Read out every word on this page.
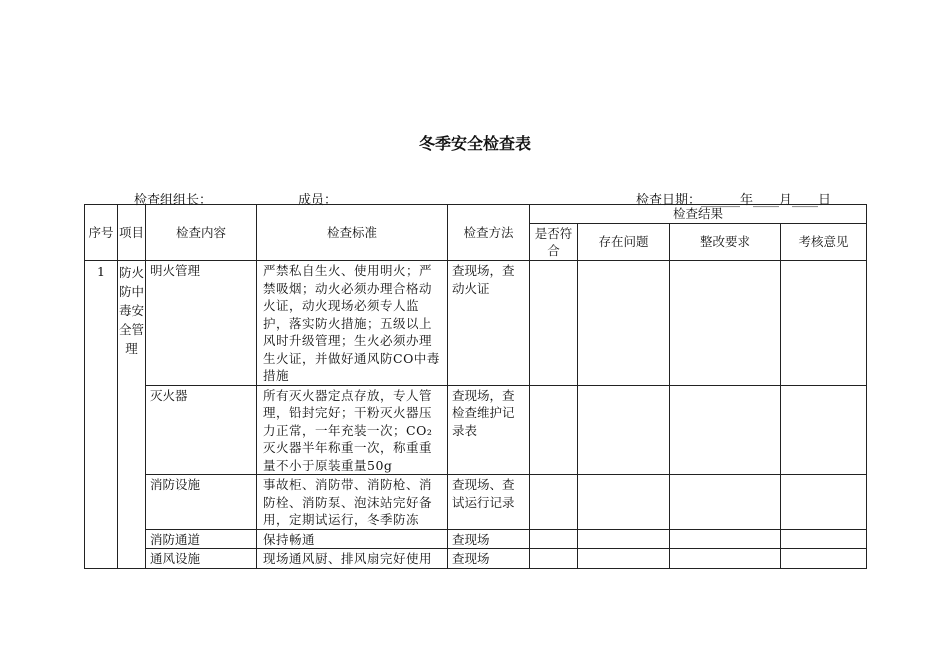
冬季安全检查表
检查组组长：	成员：	检查日期：______年____月____日
序号	项目	检查内容	检查标准	检查方法	检查结果			
					是否符合	存在问题	整改要求	考核意见
1	防火防中毒安全管理	明火管理	严禁私自生火、使用明火；严禁吸烟；动火必须办理合格动火证，动火现场必须专人监护，落实防火措施；五级以上风时升级管理；生火必须办理生火证，并做好通风防CO中毒措施	查现场，查动火证				
		灭火器	所有灭火器定点存放，专人管理，铅封完好；干粉灭火器压力正常，一年充装一次；CO₂灭火器半年称重一次，称重重量不小于原装重量50g	查现场，查检查维护记录表				
		消防设施	事故柜、消防带、消防枪、消防栓、消防泵、泡沫站完好备用，定期试运行，冬季防冻	查现场、查试运行记录				
		消防通道	保持畅通	查现场				
		通风设施	现场通风厨、排风扇完好使用	查现场				
